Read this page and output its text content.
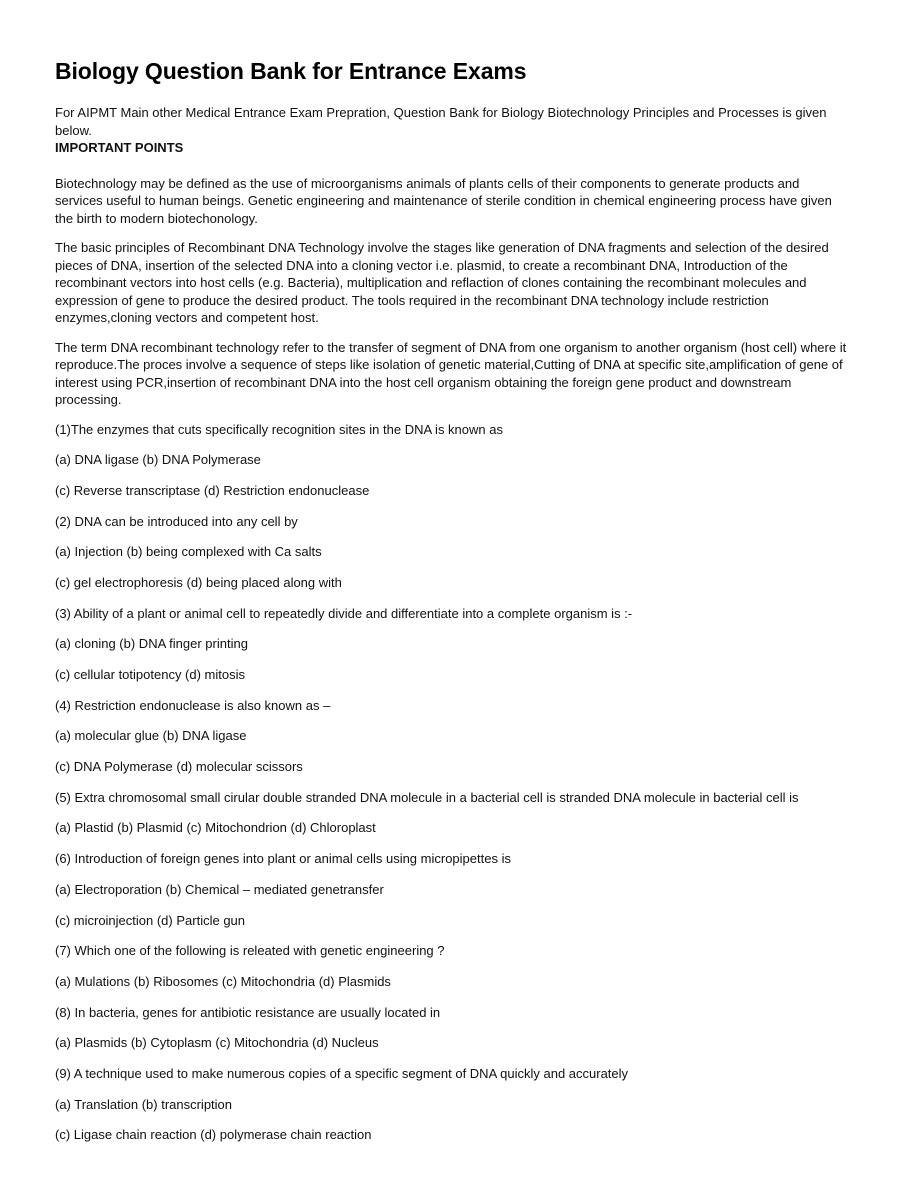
Biology Question Bank for Entrance Exams

For AIPMT Main other Medical Entrance Exam Prepration, Question Bank for Biology Biotechnology Principles and Processes is given below.

IMPORTANT POINTS

Biotechnology may be defined as the use of microorganisms animals of plants cells of their components to generate products and services useful to human beings. Genetic engineering and maintenance of sterile condition in chemical engineering process have given the birth to modern biotechonology.

The basic principles of Recombinant DNA Technology involve the stages like generation of DNA fragments and selection of the desired pieces of DNA, insertion of the selected DNA into a cloning vector i.e. plasmid, to create a recombinant DNA, Introduction of the recombinant vectors into host cells (e.g. Bacteria), multiplication and reflaction of clones containing the recombinant molecules and expression of gene to produce the desired product. The tools required in the recombinant DNA technology include restriction enzymes,cloning vectors and competent host.

The term DNA recombinant technology refer to the transfer of segment of DNA from one organism to another organism (host cell) where it reproduce.The proces involve a sequence of steps like isolation of genetic material,Cutting of DNA at specific site,amplification of gene of interest using PCR,insertion of recombinant DNA into the host cell organism obtaining the foreign gene product and downstream processing.

(1)The enzymes that cuts specifically recognition sites in the DNA is known as

(a) DNA ligase (b) DNA Polymerase

(c) Reverse transcriptase (d) Restriction endonuclease

(2) DNA can be introduced into any cell by

(a) Injection (b) being complexed with Ca salts

(c) gel electrophoresis (d) being placed along with

(3) Ability of a plant or animal cell to repeatedly divide and differentiate into a complete organism is :-

(a) cloning (b) DNA finger printing

(c) cellular totipotency (d) mitosis

(4) Restriction endonuclease is also known as –

(a) molecular glue (b) DNA ligase

(c) DNA Polymerase (d) molecular scissors

(5) Extra chromosomal small cirular double stranded DNA molecule in a bacterial cell is stranded DNA molecule in bacterial cell is

(a) Plastid (b) Plasmid (c) Mitochondrion (d) Chloroplast

(6) Introduction of foreign genes into plant or animal cells using micropipettes is

(a) Electroporation (b) Chemical – mediated genetransfer

(c) microinjection (d) Particle gun

(7) Which one of the following is releated with genetic engineering ?

(a) Mulations (b) Ribosomes (c) Mitochondria (d) Plasmids

(8) In bacteria, genes for antibiotic resistance are usually located in

(a) Plasmids (b) Cytoplasm (c) Mitochondria (d) Nucleus

(9) A technique used to make numerous copies of a specific segment of DNA quickly and accurately

(a) Translation (b) transcription

(c) Ligase chain reaction (d) polymerase chain reaction
